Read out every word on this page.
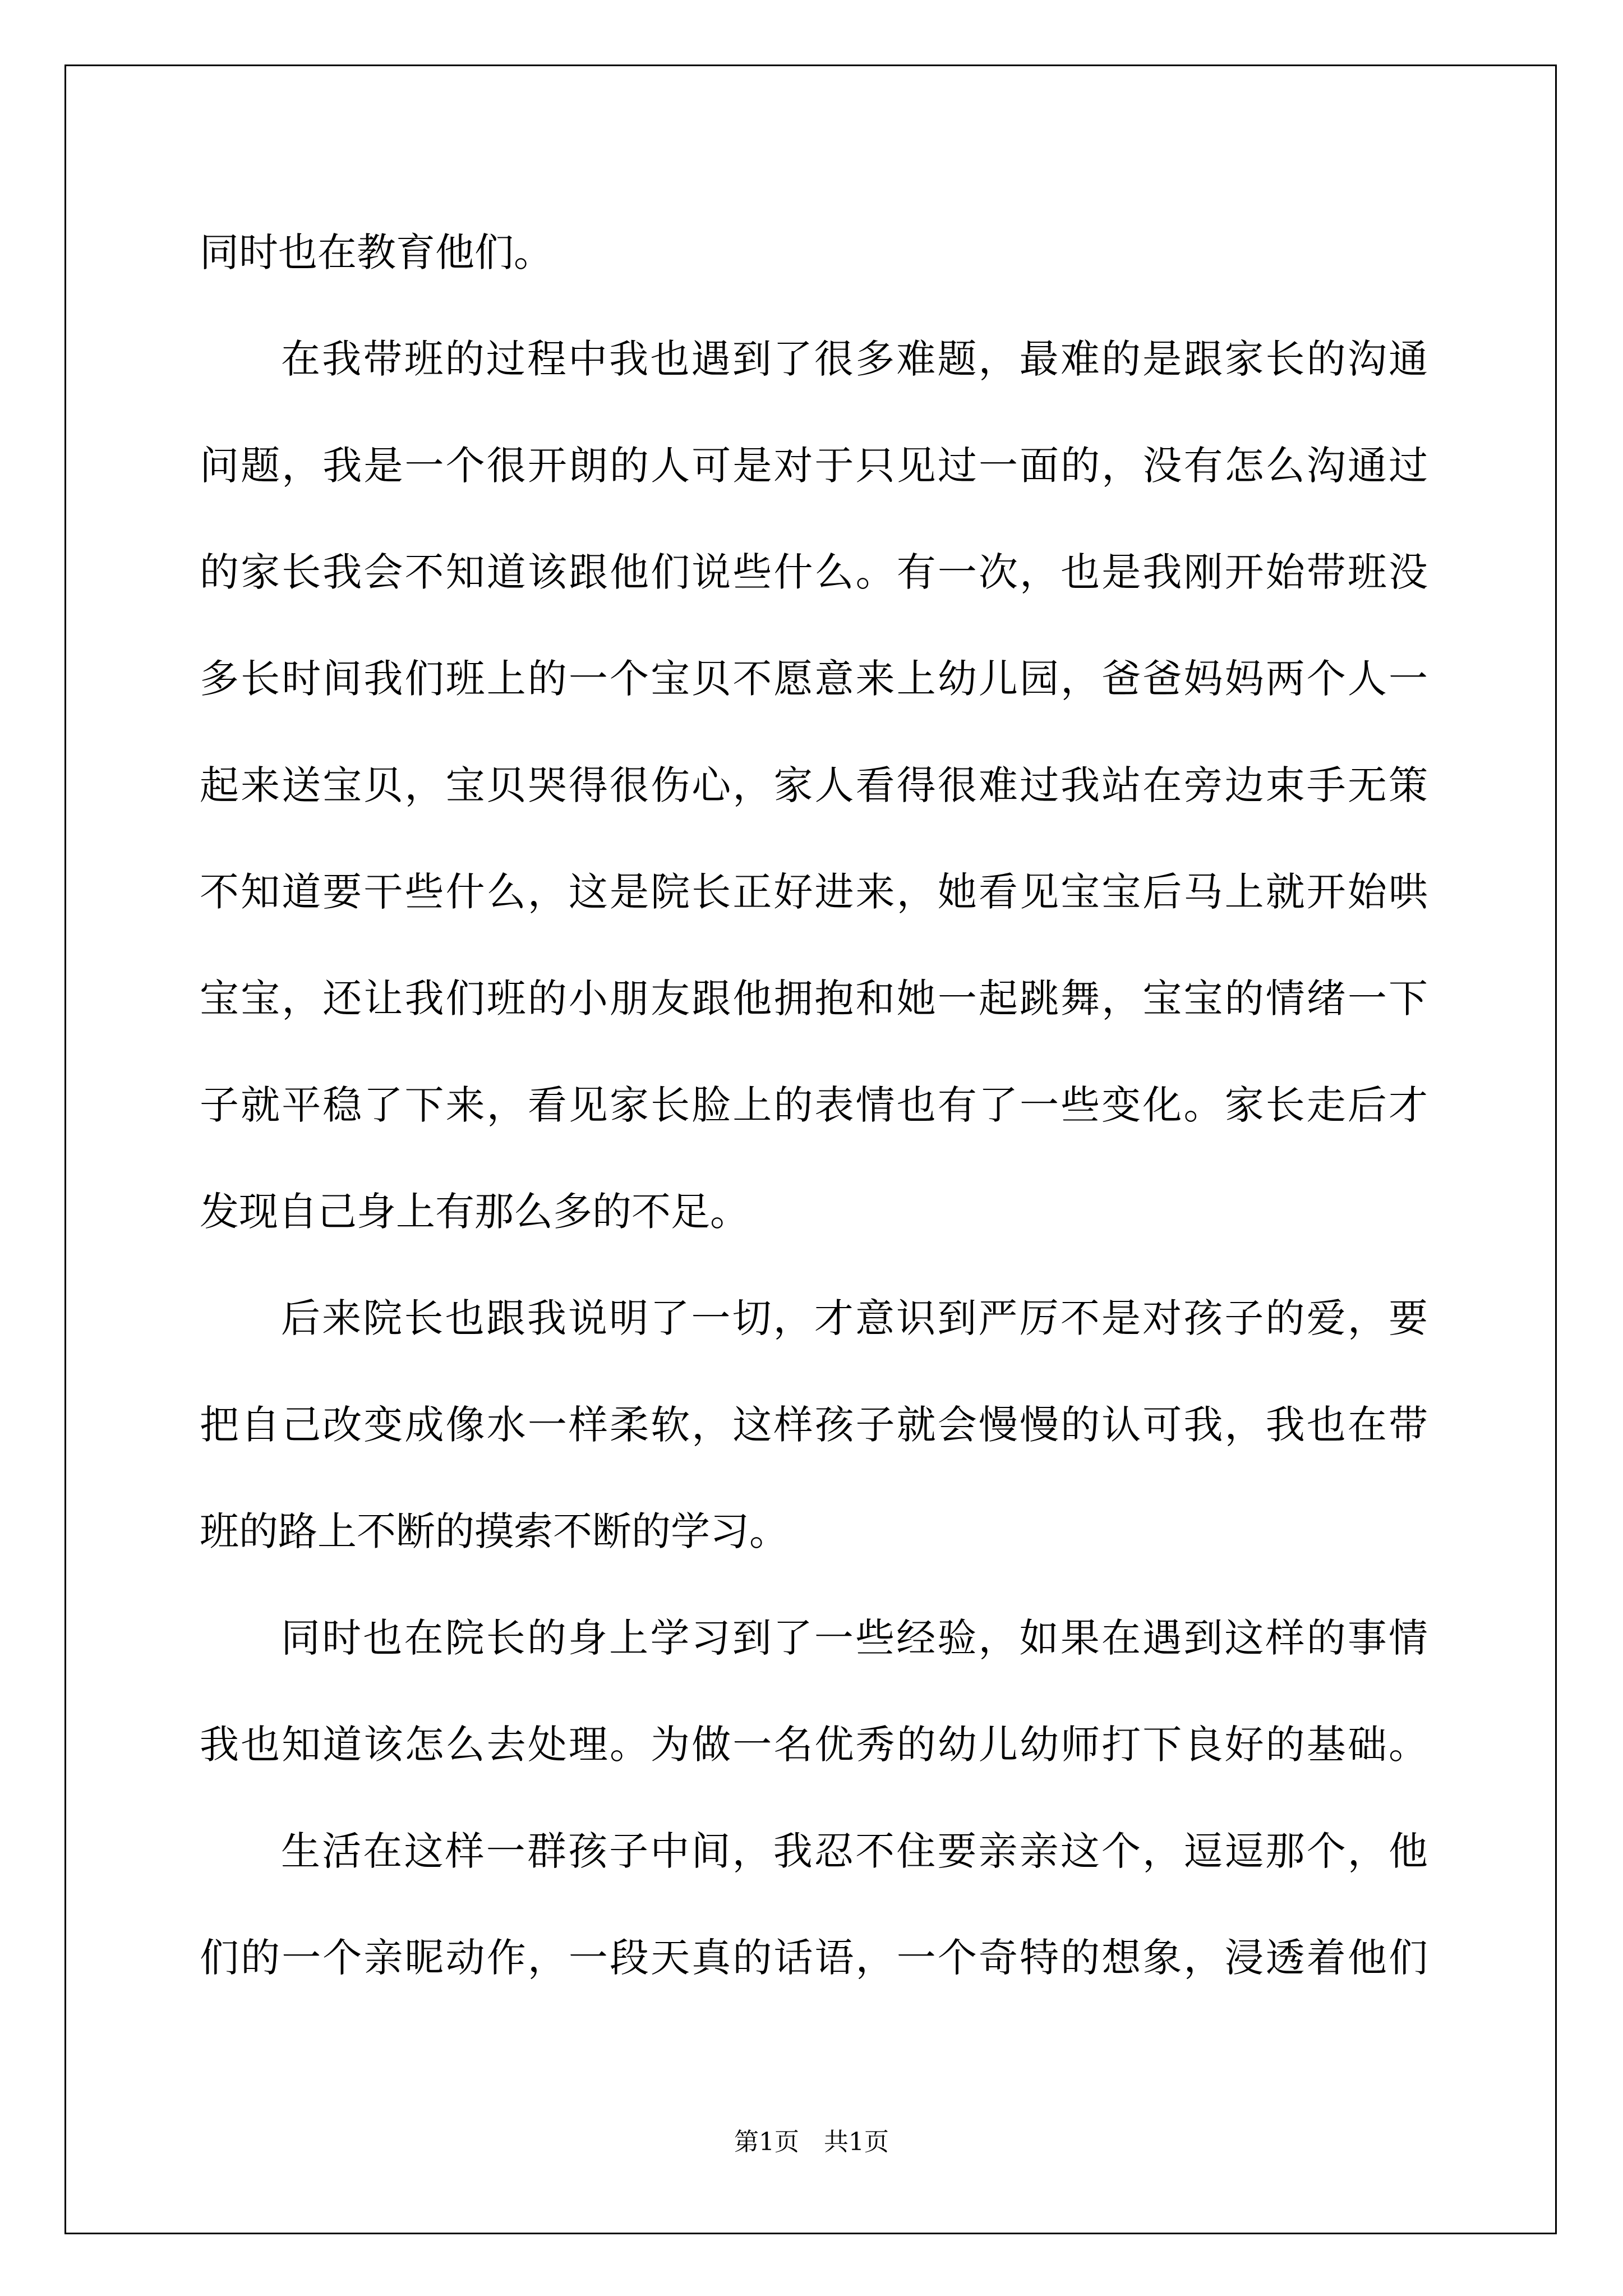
同时也在教育他们。
在我带班的过程中我也遇到了很多难题，最难的是跟家长的沟通
问题，我是一个很开朗的人可是对于只见过一面的，没有怎么沟通过
的家长我会不知道该跟他们说些什么。有一次，也是我刚开始带班没
多长时间我们班上的一个宝贝不愿意来上幼儿园，爸爸妈妈两个人一
起来送宝贝，宝贝哭得很伤心，家人看得很难过我站在旁边束手无策
不知道要干些什么，这是院长正好进来，她看见宝宝后马上就开始哄
宝宝，还让我们班的小朋友跟他拥抱和她一起跳舞，宝宝的情绪一下
子就平稳了下来，看见家长脸上的表情也有了一些变化。家长走后才
发现自己身上有那么多的不足。
后来院长也跟我说明了一切，才意识到严厉不是对孩子的爱，要
把自己改变成像水一样柔软，这样孩子就会慢慢的认可我，我也在带
班的路上不断的摸索不断的学习。
同时也在院长的身上学习到了一些经验，如果在遇到这样的事情
我也知道该怎么去处理。为做一名优秀的幼儿幼师打下良好的基础。
生活在这样一群孩子中间，我忍不住要亲亲这个，逗逗那个，他
们的一个亲昵动作，一段天真的话语，一个奇特的想象，浸透着他们
第1页　共1页
